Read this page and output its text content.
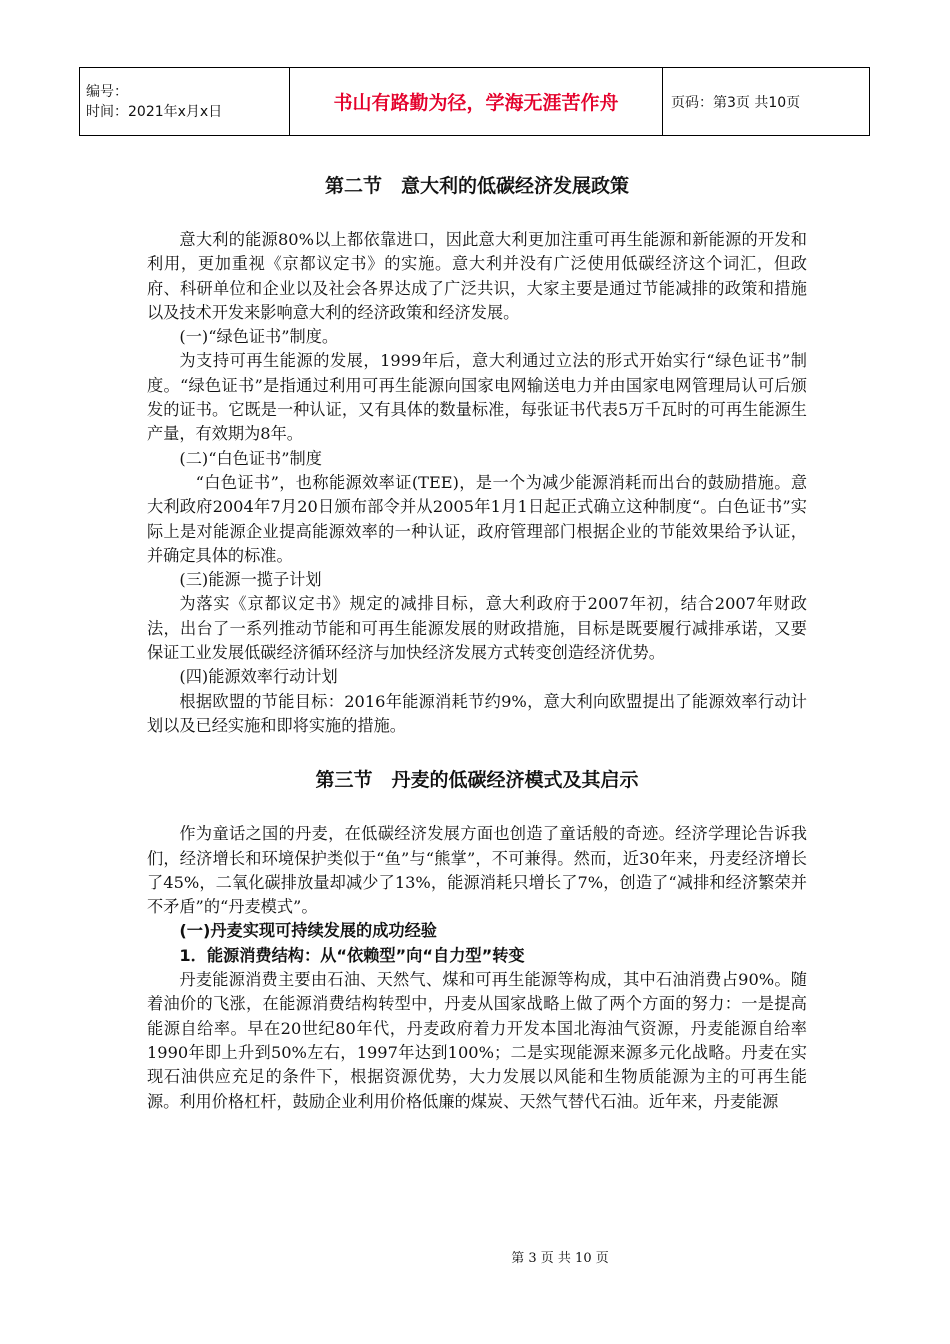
编号：
时间：2021年x月x日	书山有路勤为径，学海无涯苦作舟	页码：第3页 共10页
第二节　意大利的低碳经济发展政策

意大利的能源80%以上都依靠进口，因此意大利更加注重可再生能源和新能源的开发和利用，更加重视《京都议定书》的实施。意大利并没有广泛使用低碳经济这个词汇，但政府、科研单位和企业以及社会各界达成了广泛共识，大家主要是通过节能减排的政策和措施以及技术开发来影响意大利的经济政策和经济发展。

(一)“绿色证书”制度。

为支持可再生能源的发展，1999年后，意大利通过立法的形式开始实行“绿色证书”制度。“绿色证书”是指通过利用可再生能源向国家电网输送电力并由国家电网管理局认可后颁发的证书。它既是一种认证，又有具体的数量标准，每张证书代表5万千瓦时的可再生能源生产量，有效期为8年。

(二)“白色证书”制度

“白色证书”，也称能源效率证(TEE)，是一个为减少能源消耗而出台的鼓励措施。意大利政府2004年7月20日颁布部令并从2005年1月1日起正式确立这种制度“。白色证书”实际上是对能源企业提高能源效率的一种认证，政府管理部门根据企业的节能效果给予认证，并确定具体的标准。

(三)能源一揽子计划

为落实《京都议定书》规定的减排目标，意大利政府于2007年初，结合2007年财政法，出台了一系列推动节能和可再生能源发展的财政措施，目标是既要履行减排承诺，又要保证工业发展低碳经济循环经济与加快经济发展方式转变创造经济优势。

(四)能源效率行动计划

根据欧盟的节能目标：2016年能源消耗节约9%，意大利向欧盟提出了能源效率行动计划以及已经实施和即将实施的措施。

第三节　丹麦的低碳经济模式及其启示

作为童话之国的丹麦，在低碳经济发展方面也创造了童话般的奇迹。经济学理论告诉我们，经济增长和环境保护类似于“鱼”与“熊掌”，不可兼得。然而，近30年来，丹麦经济增长了45%，二氧化碳排放量却减少了13%，能源消耗只增长了7%，创造了“减排和经济繁荣并不矛盾”的“丹麦模式”。

(一)丹麦实现可持续发展的成功经验

1．能源消费结构：从“依赖型”向“自力型”转变

丹麦能源消费主要由石油、天然气、煤和可再生能源等构成，其中石油消费占90%。随着油价的飞涨，在能源消费结构转型中，丹麦从国家战略上做了两个方面的努力：一是提高能源自给率。早在20世纪80年代，丹麦政府着力开发本国北海油气资源，丹麦能源自给率1990年即上升到50%左右，1997年达到100%；二是实现能源来源多元化战略。丹麦在实现石油供应充足的条件下，根据资源优势，大力发展以风能和生物质能源为主的可再生能源。利用价格杠杆，鼓励企业利用价格低廉的煤炭、天然气替代石油。近年来，丹麦能源

第 3 页 共 10 页
